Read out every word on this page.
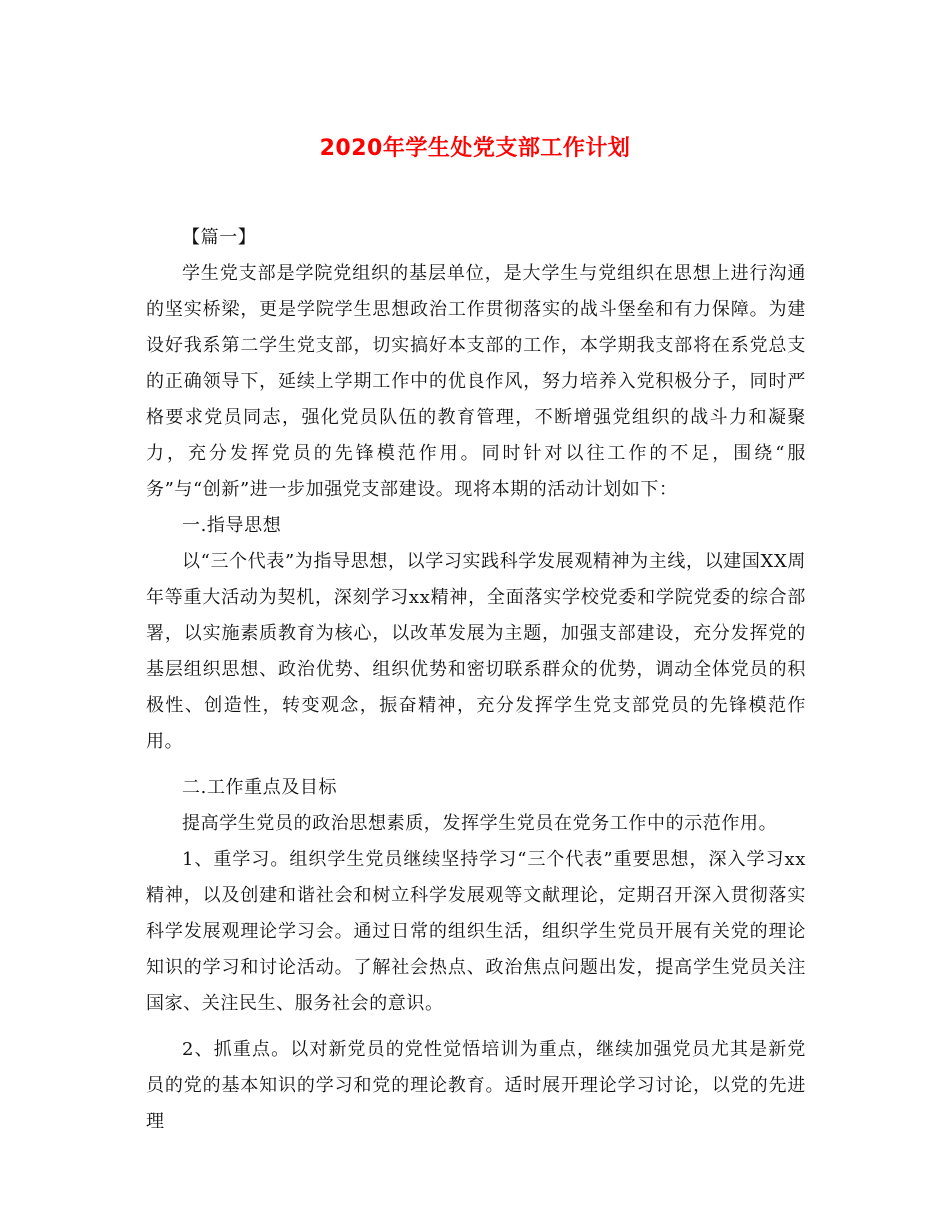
2020年学生处党支部工作计划

【篇一】

学生党支部是学院党组织的基层单位，是大学生与党组织在思想上进行沟通的坚实桥梁，更是学院学生思想政治工作贯彻落实的战斗堡垒和有力保障。为建设好我系第二学生党支部，切实搞好本支部的工作，本学期我支部将在系党总支的正确领导下，延续上学期工作中的优良作风，努力培养入党积极分子，同时严格要求党员同志，强化党员队伍的教育管理，不断增强党组织的战斗力和凝聚力，充分发挥党员的先锋模范作用。同时针对以往工作的不足，围绕“服务”与“创新”进一步加强党支部建设。现将本期的活动计划如下：

一.指导思想

以“三个代表”为指导思想，以学习实践科学发展观精神为主线，以建国XX周年等重大活动为契机，深刻学习xx精神，全面落实学校党委和学院党委的综合部署，以实施素质教育为核心，以改革发展为主题，加强支部建设，充分发挥党的基层组织思想、政治优势、组织优势和密切联系群众的优势，调动全体党员的积极性、创造性，转变观念，振奋精神，充分发挥学生党支部党员的先锋模范作用。

二.工作重点及目标

提高学生党员的政治思想素质，发挥学生党员在党务工作中的示范作用。

1、重学习。组织学生党员继续坚持学习“三个代表”重要思想，深入学习xx精神，以及创建和谐社会和树立科学发展观等文献理论，定期召开深入贯彻落实科学发展观理论学习会。通过日常的组织生活，组织学生党员开展有关党的理论知识的学习和讨论活动。了解社会热点、政治焦点问题出发，提高学生党员关注国家、关注民生、服务社会的意识。

2、抓重点。以对新党员的党性觉悟培训为重点，继续加强党员尤其是新党员的党的基本知识的学习和党的理论教育。适时展开理论学习讨论，以党的先进理
